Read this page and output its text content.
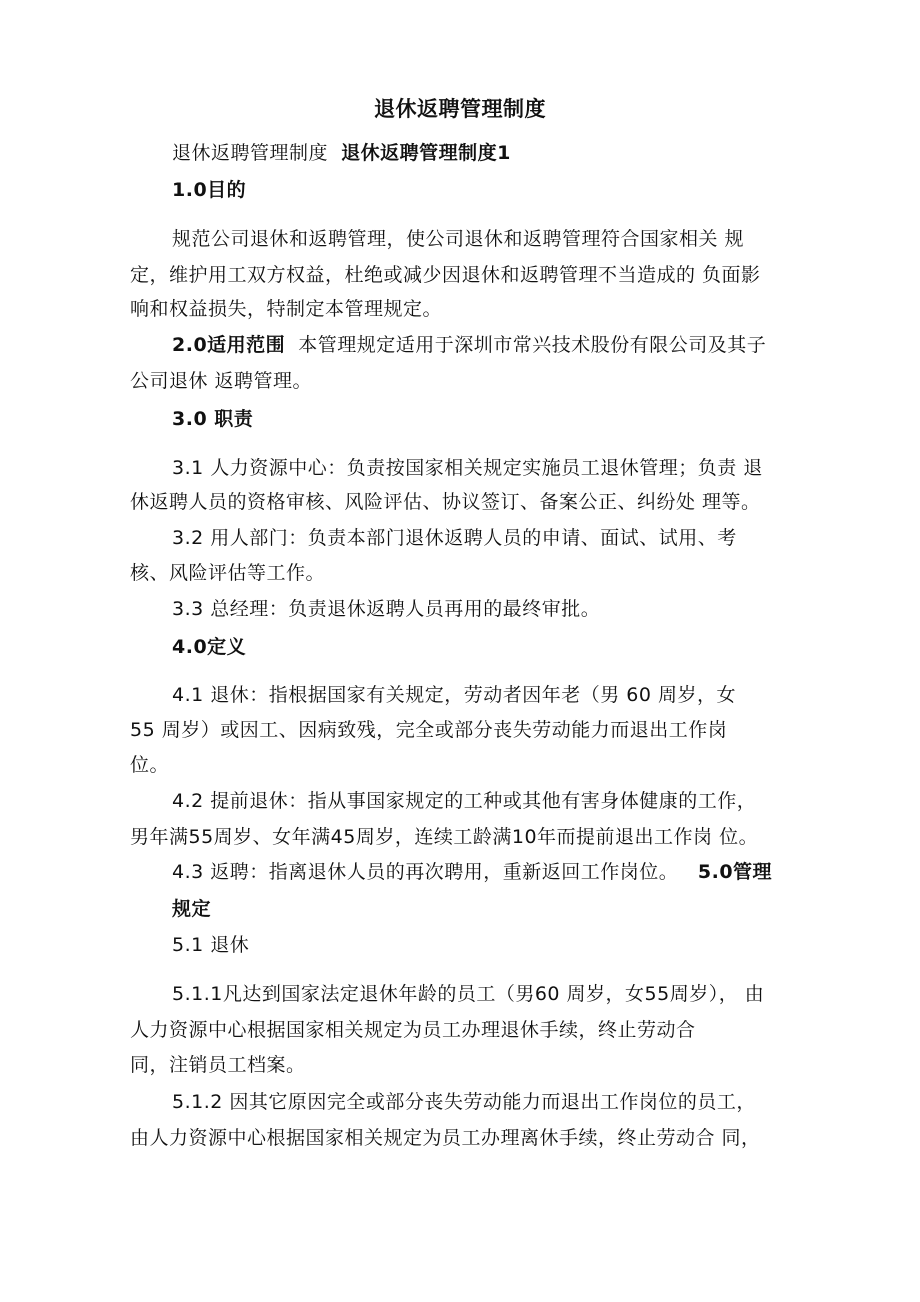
退休返聘管理制度
退休返聘管理制度 退休返聘管理制度1
1.0目的
规范公司退休和返聘管理，使公司退休和返聘管理符合国家相关 规
定，维护用工双方权益，杜绝或减少因退休和返聘管理不当造成的 负面影
响和权益损失，特制定本管理规定。
2.0适用范围 本管理规定适用于深圳市常兴技术股份有限公司及其子
公司退休 返聘管理。
3.0 职责
3.1 人力资源中心：负责按国家相关规定实施员工退休管理；负责 退
休返聘人员的资格审核、风险评估、协议签订、备案公正、纠纷处 理等。
3.2 用人部门：负责本部门退休返聘人员的申请、面试、试用、考
核、风险评估等工作。
3.3 总经理：负责退休返聘人员再用的最终审批。
4.0定义
4.1 退休：指根据国家有关规定，劳动者因年老（男 60 周岁，女
55 周岁）或因工、因病致残，完全或部分丧失劳动能力而退出工作岗
位。
4.2 提前退休：指从事国家规定的工种或其他有害身体健康的工作，
男年满55周岁、女年满45周岁，连续工龄满10年而提前退出工作岗 位。
4.3 返聘：指离退休人员的再次聘用，重新返回工作岗位。 5.0管理
规定
5.1 退休
5.1.1凡达到国家法定退休年龄的员工（男60 周岁，女55周岁）， 由
人力资源中心根据国家相关规定为员工办理退休手续，终止劳动合
同，注销员工档案。
5.1.2 因其它原因完全或部分丧失劳动能力而退出工作岗位的员工，
由人力资源中心根据国家相关规定为员工办理离休手续，终止劳动合 同，
